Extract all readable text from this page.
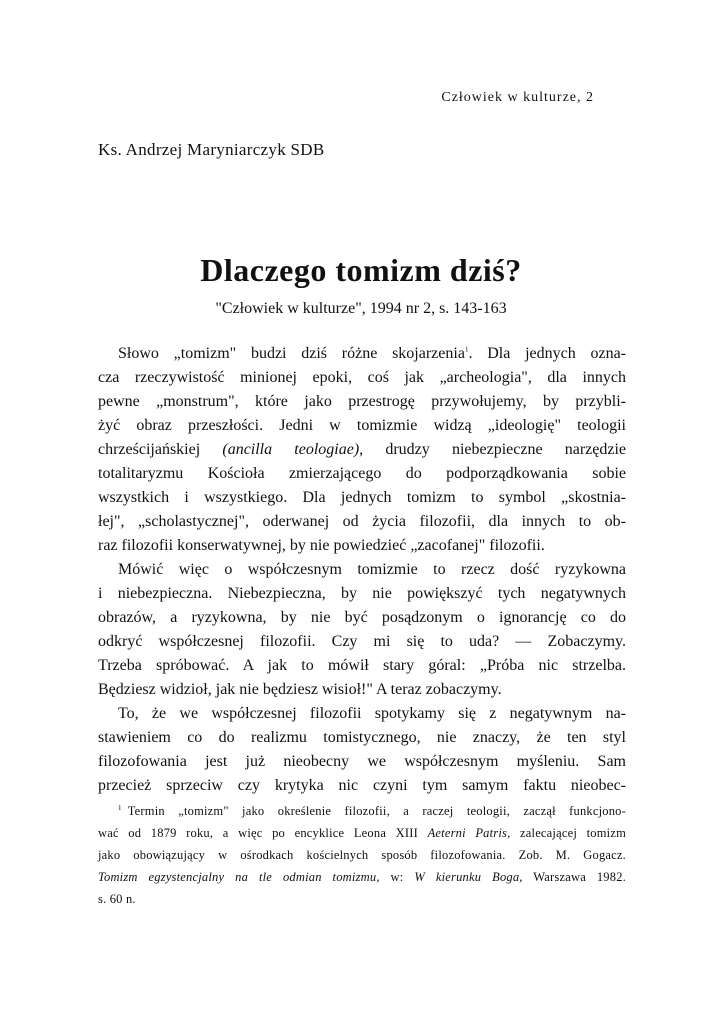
Człowiek w kulturze, 2
Ks. Andrzej Maryniarczyk SDB
Dlaczego tomizm dziś?
"Człowiek w kulturze", 1994 nr 2, s. 143-163
Słowo „tomizm" budzi dziś różne skojarzenia$^1$. Dla jednych ozna-
cza rzeczywistość minionej epoki, coś jak „archeologia", dla innych
pewne „monstrum", które jako przestrogę przywołujemy, by przybli-
żyć obraz przeszłości. Jedni w tomizmie widzą „ideologię" teologii
chrześcijańskiej (ancilla teologiae), drudzy niebezpieczne narzędzie
totalitaryzmu Kościoła zmierzającego do podporządkowania sobie
wszystkich i wszystkiego. Dla jednych tomizm to symbol „skostnia-
łej", „scholastycznej", oderwanej od życia filozofii, dla innych to ob-
raz filozofii konserwatywnej, by nie powiedzieć „zacofanej" filozofii.
Mówić więc o współczesnym tomizmie to rzecz dość ryzykowna
i niebezpieczna. Niebezpieczna, by nie powiększyć tych negatywnych
obrazów, a ryzykowna, by nie być posądzonym o ignorancję co do
odkryć współczesnej filozofii. Czy mi się to uda? — Zobaczymy.
Trzeba spróbować. A jak to mówił stary góral: „Próba nic strzelba.
Będziesz widzioł, jak nie będziesz wisioł!" A teraz zobaczymy.
To, że we współczesnej filozofii spotykamy się z negatywnym na-
stawieniem co do realizmu tomistycznego, nie znaczy, że ten styl
filozofowania jest już nieobecny we współczesnym myśleniu. Sam
przecież sprzeciw czy krytyka nic czyni tym samym faktu nieobec-
$^1$ Termin „tomizm" jako określenie filozofii, a raczej teologii, zaczął funkcjono-
wać od 1879 roku, a więc po encyklice Leona XIII Aeterni Patris, zalecającej tomizm
jako obowiązujący w ośrodkach kościelnych sposób filozofowania. Zob. M. Gogacz.
Tomizm egzystencjalny na tle odmian tomizmu, w: W kierunku Boga, Warszawa 1982.
s. 60 n.
